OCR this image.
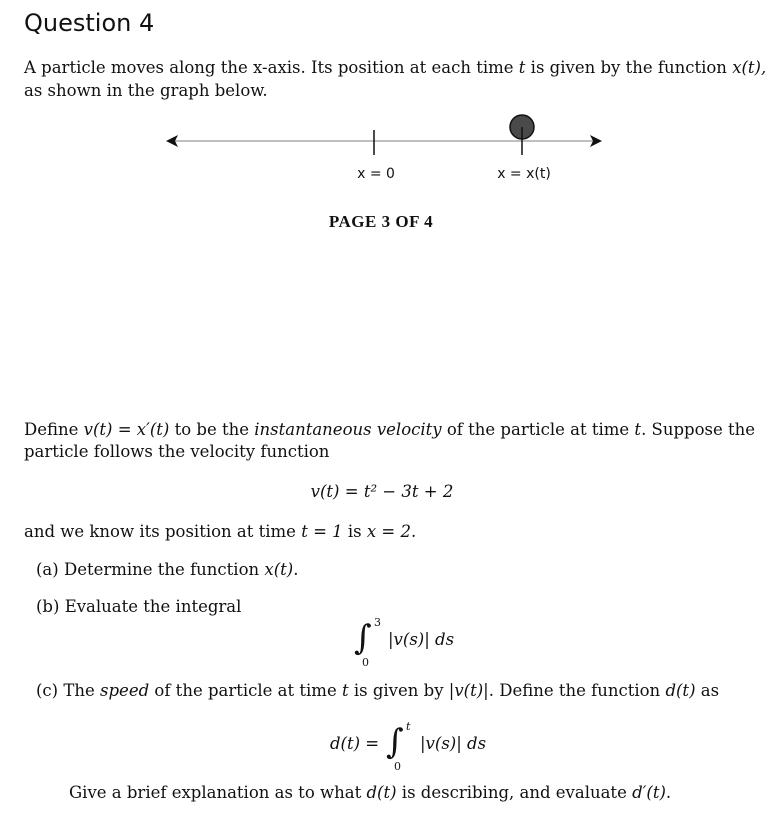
Question 4
A particle moves along the x-axis. Its position at each time t is given by the function x(t),
as shown in the graph below.
x = 0	x = x(t)
PAGE 3 OF 4
Define v(t) = x′(t) to be the instantaneous velocity of the particle at time t. Suppose the
particle follows the velocity function
v(t) = t² − 3t + 2
and we know its position at time t = 1 is x = 2.
(a) Determine the function x(t).
(b) Evaluate the integral
∫ 3
0
|v(s)| ds
(c) The speed of the particle at time t is given by |v(t)|. Define the function d(t) as
d(t) = ∫ t
0
|v(s)| ds
Give a brief explanation as to what d(t) is describing, and evaluate d′(t).
